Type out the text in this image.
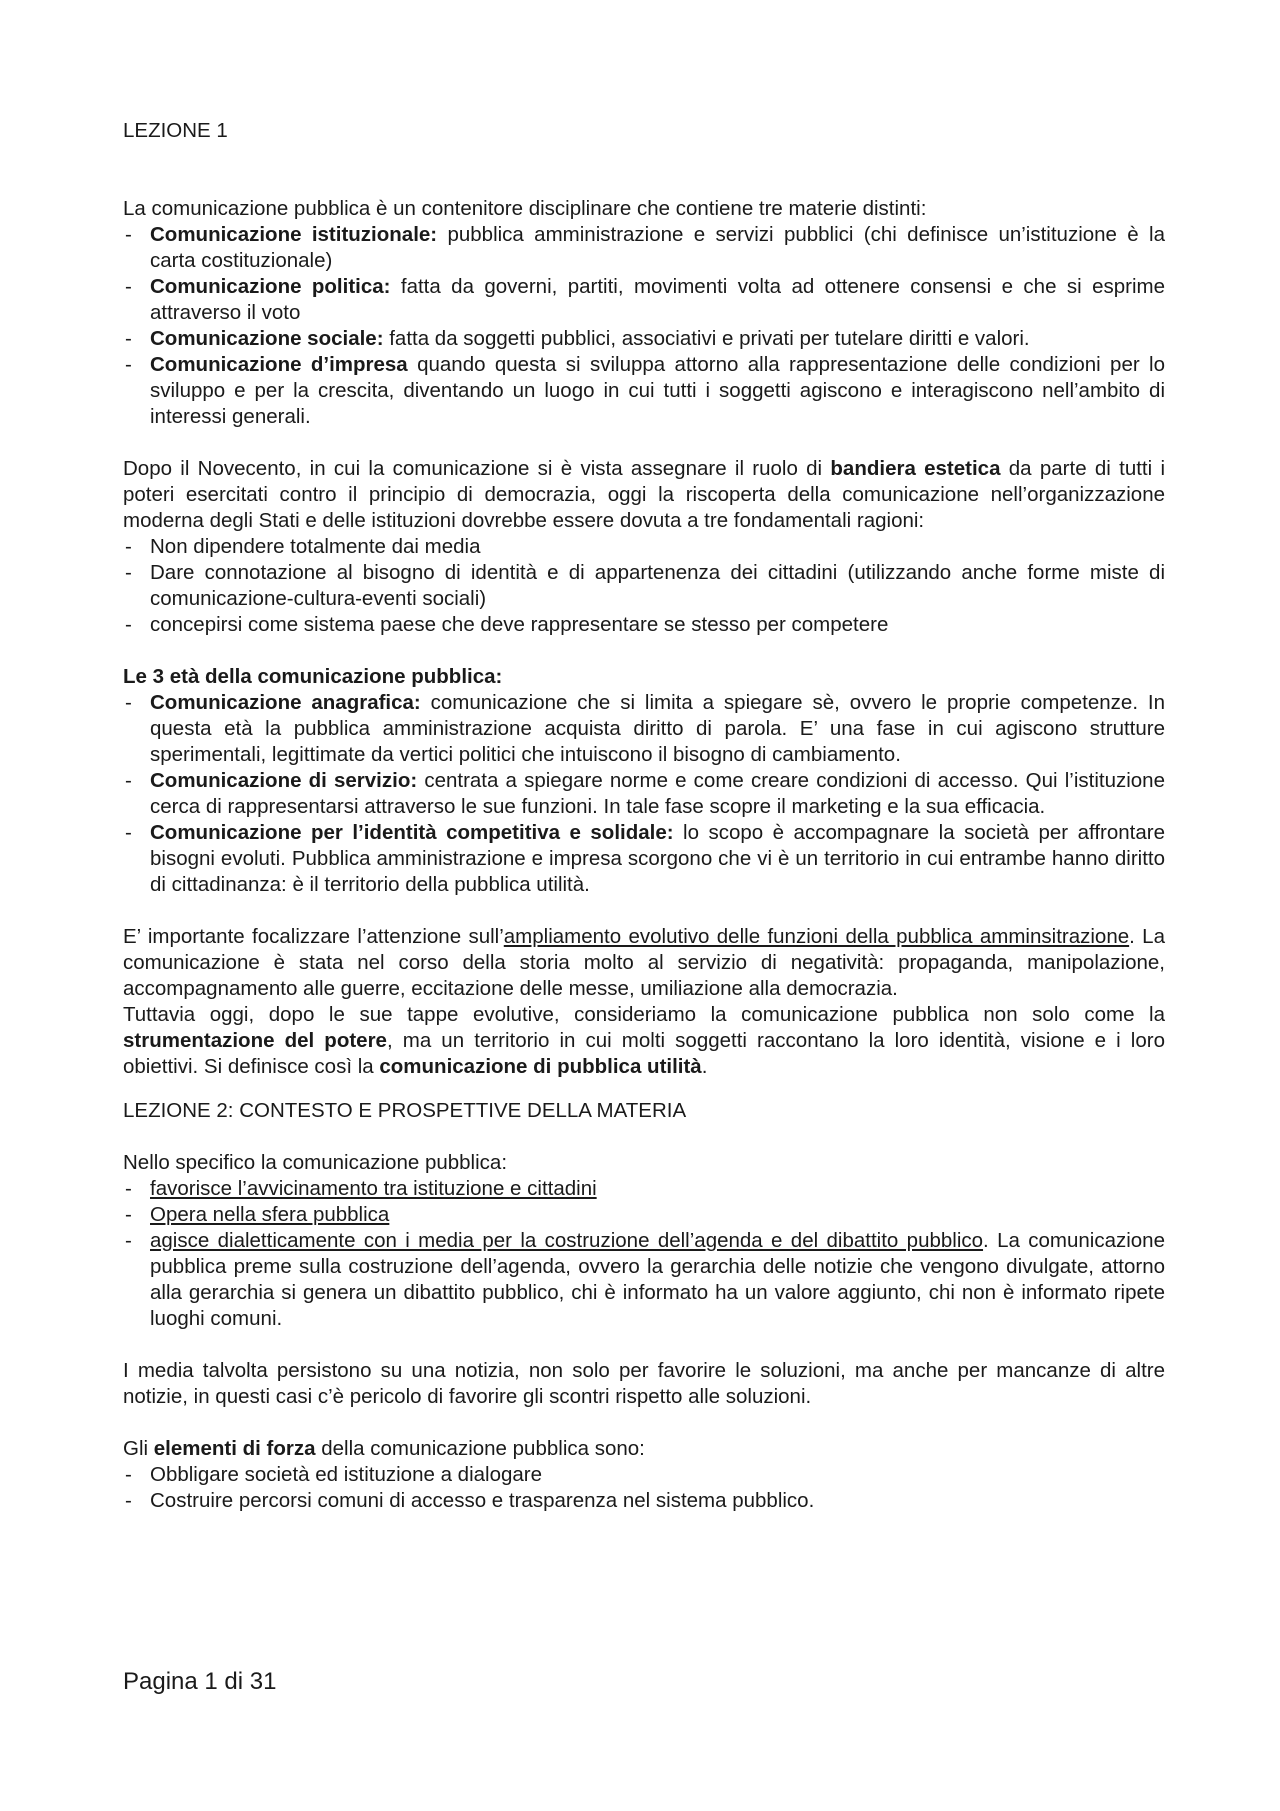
LEZIONE 1

La comunicazione pubblica è un contenitore disciplinare che contiene tre materie distinti:

- Comunicazione istituzionale: pubblica amministrazione e servizi pubblici (chi definisce un’istituzione è la carta costituzionale)
- Comunicazione politica: fatta da governi, partiti, movimenti volta ad ottenere consensi e che si esprime attraverso il voto
- Comunicazione sociale: fatta da soggetti pubblici, associativi e privati per tutelare diritti e valori.
- Comunicazione d’impresa quando questa si sviluppa attorno alla rappresentazione delle condizioni per lo sviluppo e per la crescita, diventando un luogo in cui tutti i soggetti agiscono e interagiscono nell’ambito di interessi generali.

Dopo il Novecento, in cui la comunicazione si è vista assegnare il ruolo di bandiera estetica da parte di tutti i poteri esercitati contro il principio di democrazia, oggi la riscoperta della comunicazione nell’organizzazione moderna degli Stati e delle istituzioni dovrebbe essere dovuta a tre fondamentali ragioni:

- Non dipendere totalmente dai media
- Dare connotazione al bisogno di identità e di appartenenza dei cittadini (utilizzando anche forme miste di comunicazione-cultura-eventi sociali)
- concepirsi come sistema paese che deve rappresentare se stesso per competere

Le 3 età della comunicazione pubblica:

- Comunicazione anagrafica: comunicazione che si limita a spiegare sè, ovvero le proprie competenze. In questa età la pubblica amministrazione acquista diritto di parola. E’ una fase in cui agiscono strutture sperimentali, legittimate da vertici politici che intuiscono il bisogno di cambiamento.
- Comunicazione di servizio: centrata a spiegare norme e come creare condizioni di accesso. Qui l’istituzione cerca di rappresentarsi attraverso le sue funzioni. In tale fase scopre il marketing e la sua efficacia.
- Comunicazione per l’identità competitiva e solidale: lo scopo è accompagnare la società per affrontare bisogni evoluti. Pubblica amministrazione e impresa scorgono che vi è un territorio in cui entrambe hanno diritto di cittadinanza: è il territorio della pubblica utilità.

E’ importante focalizzare l’attenzione sull’ampliamento evolutivo delle funzioni della pubblica amminsitrazione. La comunicazione è stata nel corso della storia molto al servizio di negatività: propaganda, manipolazione, accompagnamento alle guerre, eccitazione delle messe, umiliazione alla democrazia.

Tuttavia oggi, dopo le sue tappe evolutive, consideriamo la comunicazione pubblica non solo come la strumentazione del potere, ma un territorio in cui molti soggetti raccontano la loro identità, visione e i loro obiettivi. Si definisce così la comunicazione di pubblica utilità.

LEZIONE 2: CONTESTO E PROSPETTIVE DELLA MATERIA

Nello specifico la comunicazione pubblica:

- favorisce l’avvicinamento tra istituzione e cittadini
- Opera nella sfera pubblica
- agisce dialetticamente con i media per la costruzione dell’agenda e del dibattito pubblico. La comunicazione pubblica preme sulla costruzione dell’agenda, ovvero la gerarchia delle notizie che vengono divulgate, attorno alla gerarchia si genera un dibattito pubblico, chi è informato ha un valore aggiunto, chi non è informato ripete luoghi comuni.

I media talvolta persistono su una notizia, non solo per favorire le soluzioni, ma anche per mancanze di altre notizie, in questi casi c’è pericolo di favorire gli scontri rispetto alle soluzioni.

Gli elementi di forza della comunicazione pubblica sono:

- Obbligare società ed istituzione a dialogare
- Costruire percorsi comuni di accesso e trasparenza nel sistema pubblico.
Pagina 1 di 31
